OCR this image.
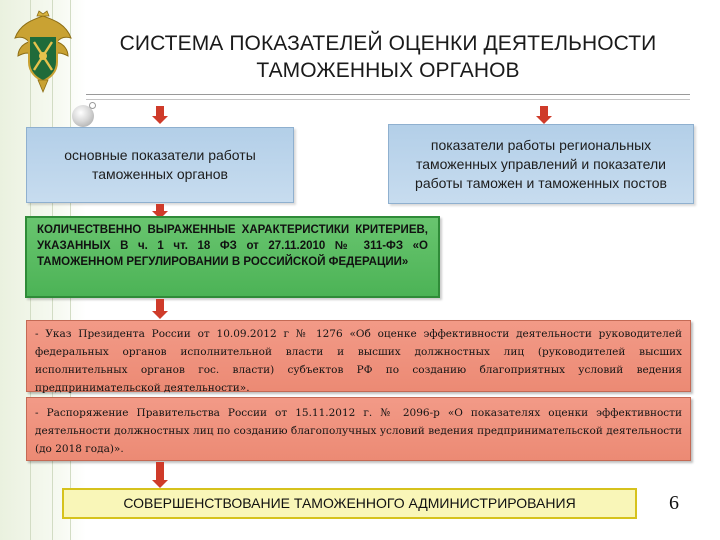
СИСТЕМА ПОКАЗАТЕЛЕЙ ОЦЕНКИ ДЕЯТЕЛЬНОСТИ
ТАМОЖЕННЫХ ОРГАНОВ
основные показатели работы таможенных органов
показатели работы региональных таможенных управлений и показатели работы таможен и таможенных постов
КОЛИЧЕСТВЕННО ВЫРАЖЕННЫЕ ХАРАКТЕРИСТИКИ КРИТЕРИЕВ, УКАЗАННЫХ В ч. 1 чт. 18 ФЗ от 27.11.2010 № 311-ФЗ «О ТАМОЖЕННОМ РЕГУЛИРОВАНИИ В РОССИЙСКОЙ ФЕДЕРАЦИИ»
- Указ Президента России от 10.09.2012 г № 1276 «Об оценке эффективности деятельности руководителей федеральных органов исполнительной власти и высших должностных лиц (руководителей высших исполнительных органов гос. власти) субъектов РФ по созданию благоприятных условий ведения предпринимательской деятельности».
- Распоряжение Правительства России от 15.11.2012 г. № 2096-р «О показателях оценки эффективности деятельности должностных лиц по созданию благополучных условий ведения предпринимательской деятельности (до 2018 года)».
СОВЕРШЕНСТВОВАНИЕ ТАМОЖЕННОГО АДМИНИСТРИРОВАНИЯ	6
